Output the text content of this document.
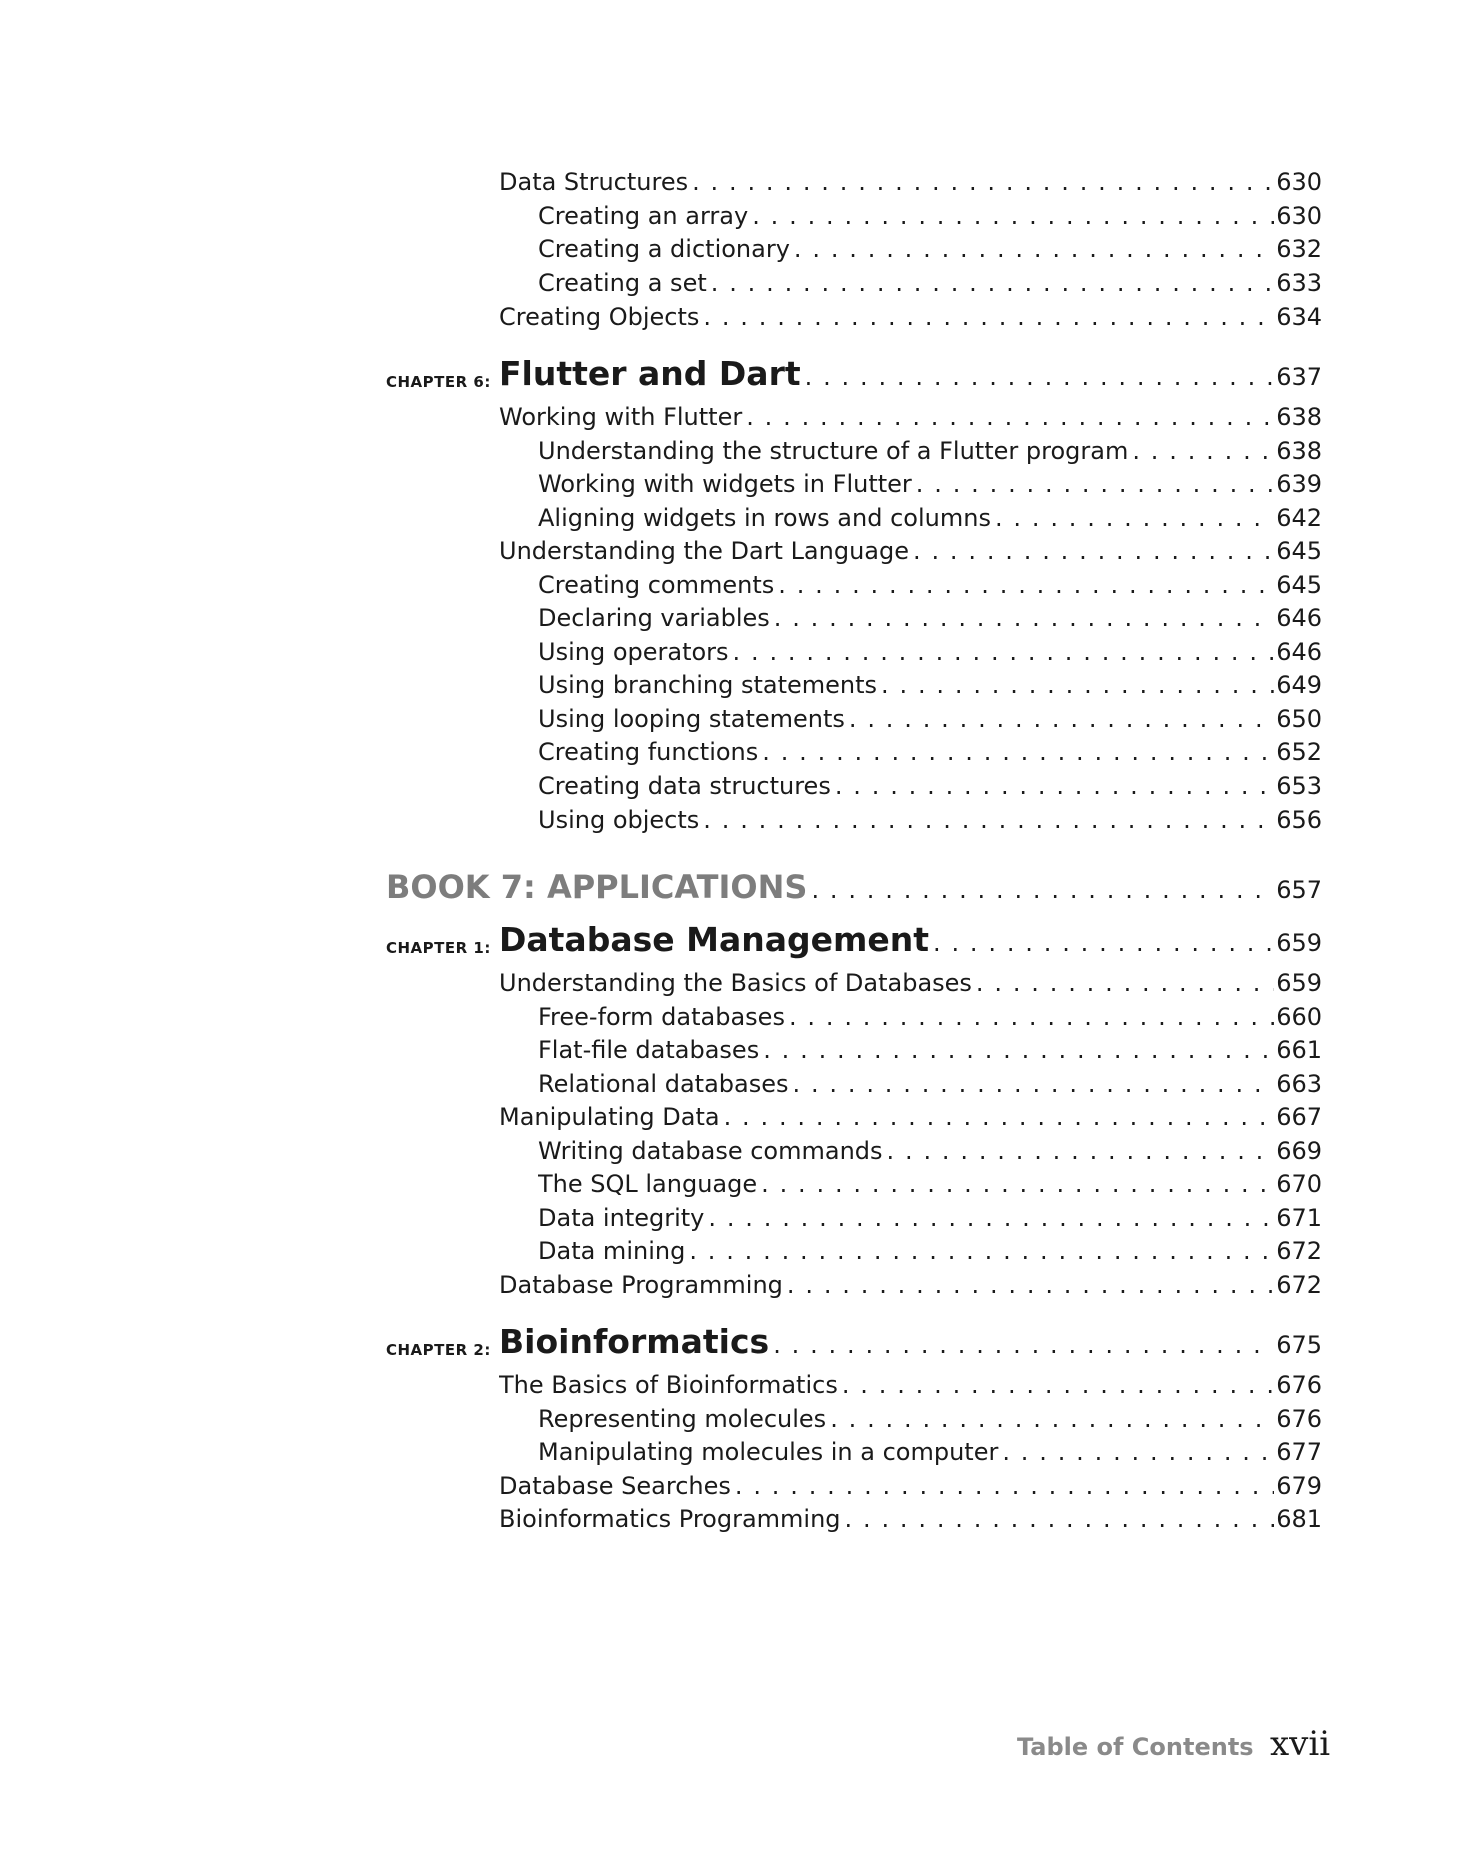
Data Structures . . .	630
Creating an array . . .	630
Creating a dictionary . . .	632
Creating a set . . .	633
Creating Objects . . .	634
CHAPTER 6: Flutter and Dart . . .	637
Working with Flutter . . .	638
Understanding the structure of a Flutter program . . .	638
Working with widgets in Flutter . . .	639
Aligning widgets in rows and columns . . .	642
Understanding the Dart Language . . .	645
Creating comments . . .	645
Declaring variables . . .	646
Using operators . . .	646
Using branching statements . . .	649
Using looping statements . . .	650
Creating functions . . .	652
Creating data structures . . .	653
Using objects . . .	656
BOOK 7: APPLICATIONS . . .	657
CHAPTER 1: Database Management . . .	659
Understanding the Basics of Databases . . .	659
Free-form databases . . .	660
Flat-file databases . . .	661
Relational databases . . .	663
Manipulating Data . . .	667
Writing database commands . . .	669
The SQL language . . .	670
Data integrity . . .	671
Data mining . . .	672
Database Programming . . .	672
CHAPTER 2: Bioinformatics . . .	675
The Basics of Bioinformatics . . .	676
Representing molecules . . .	676
Manipulating molecules in a computer . . .	677
Database Searches . . .	679
Bioinformatics Programming . . .	681
Table of Contents xvii
